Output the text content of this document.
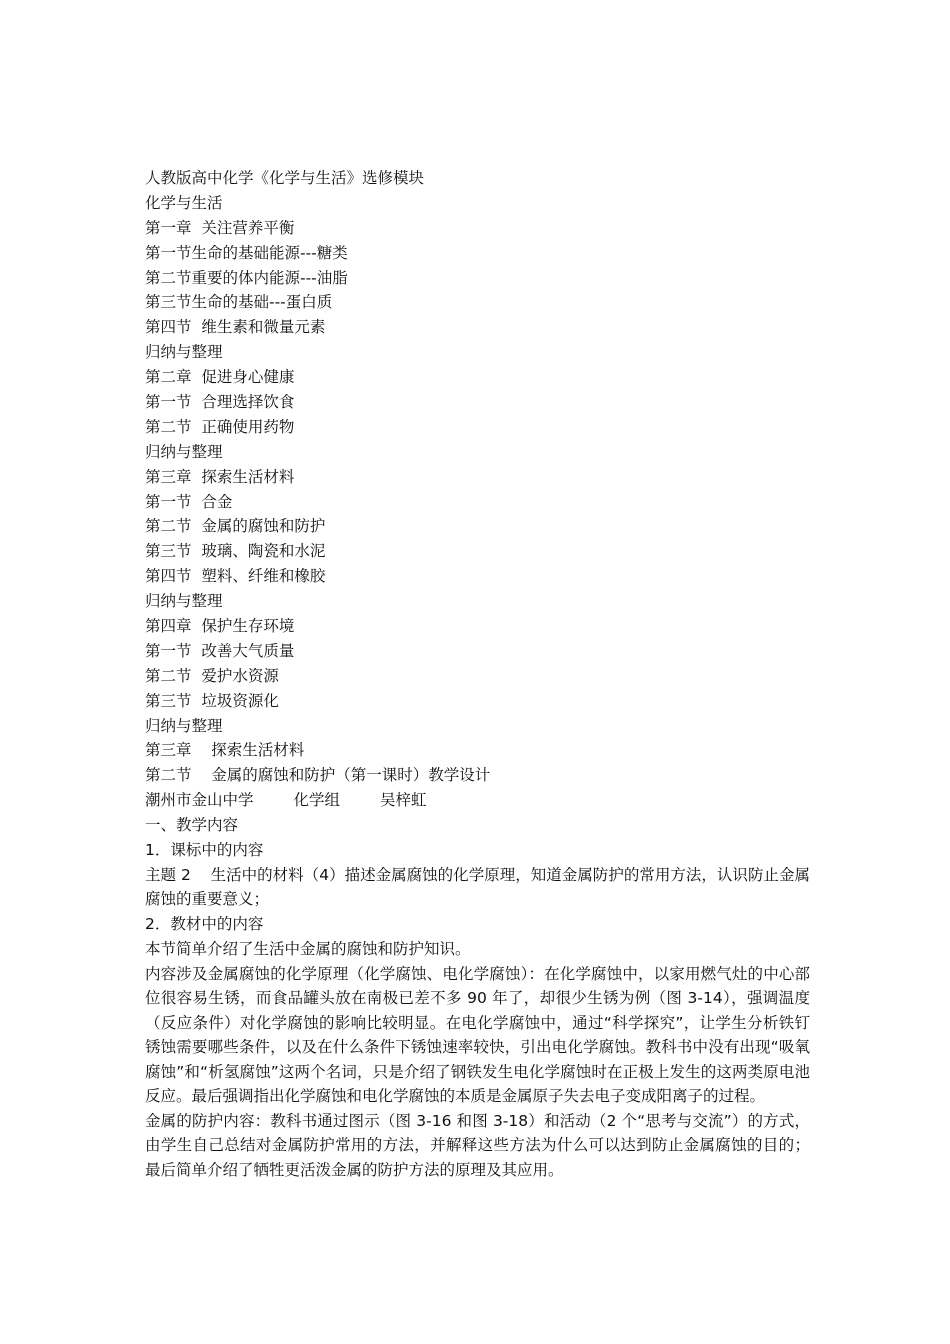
人教版高中化学《化学与生活》选修模块
化学与生活
第一章  关注营养平衡
第一节生命的基础能源---糖类
第二节重要的体内能源---油脂
第三节生命的基础---蛋白质
第四节  维生素和微量元素
归纳与整理
第二章  促进身心健康
第一节  合理选择饮食
第二节  正确使用药物
归纳与整理
第三章  探索生活材料
第一节  合金
第二节  金属的腐蚀和防护
第三节  玻璃、陶瓷和水泥
第四节  塑料、纤维和橡胶
归纳与整理
第四章  保护生存环境
第一节  改善大气质量
第二节  爱护水资源
第三节  垃圾资源化
归纳与整理
第三章    探索生活材料
第二节    金属的腐蚀和防护（第一课时）教学设计
潮州市金山中学	化学组	吴梓虹
一、教学内容
1．课标中的内容

主题 2    生活中的材料（4）描述金属腐蚀的化学原理，知道金属防护的常用方法，认识防止金属腐蚀的重要意义；

2．教材中的内容
本节简单介绍了生活中金属的腐蚀和防护知识。

内容涉及金属腐蚀的化学原理（化学腐蚀、电化学腐蚀）：在化学腐蚀中，以家用燃气灶的中心部位很容易生锈，而食品罐头放在南极已差不多 90 年了，却很少生锈为例（图 3-14），强调温度（反应条件）对化学腐蚀的影响比较明显。在电化学腐蚀中，通过“科学探究”，让学生分析铁钉锈蚀需要哪些条件，以及在什么条件下锈蚀速率较快，引出电化学腐蚀。教科书中没有出现“吸氧腐蚀”和“析氢腐蚀”这两个名词，只是介绍了钢铁发生电化学腐蚀时在正极上发生的这两类原电池反应。最后强调指出化学腐蚀和电化学腐蚀的本质是金属原子失去电子变成阳离子的过程。

金属的防护内容：教科书通过图示（图 3-16 和图 3-18）和活动（2 个“思考与交流”）的方式，由学生自己总结对金属防护常用的方法，并解释这些方法为什么可以达到防止金属腐蚀的目的；最后简单介绍了牺牲更活泼金属的防护方法的原理及其应用。
